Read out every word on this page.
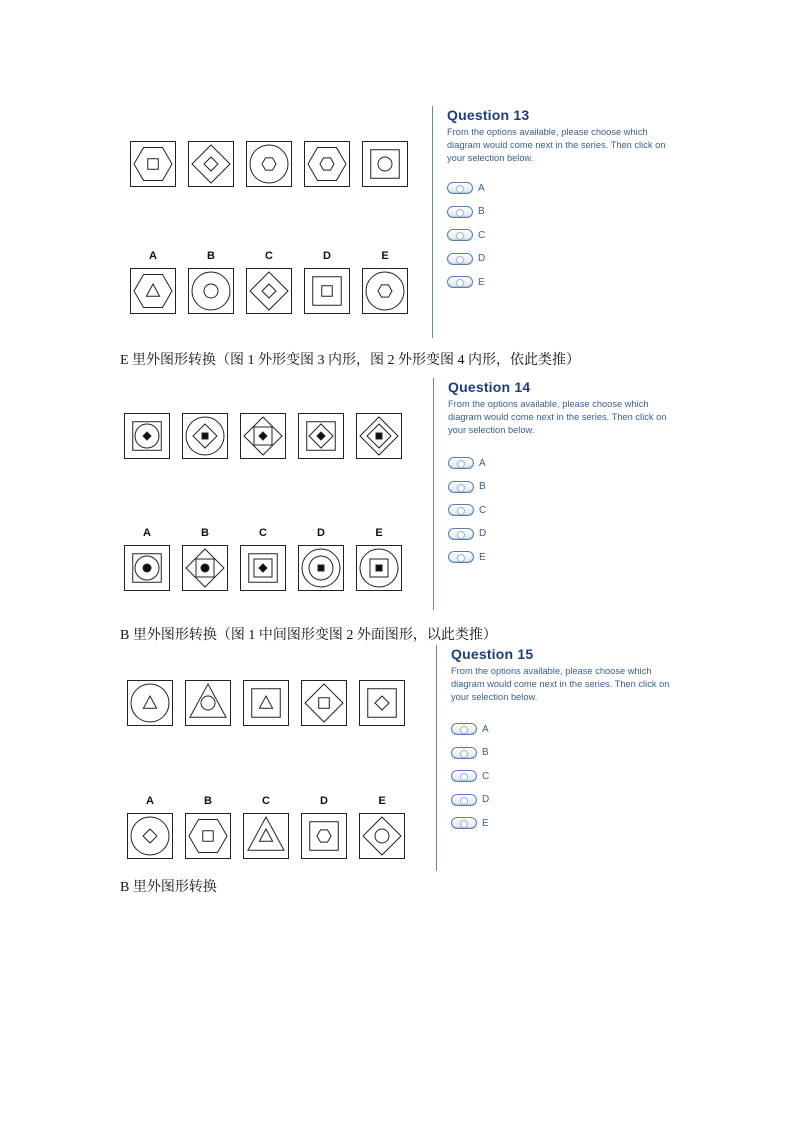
A	B	C	D	E
Question 13
From the options available, please choose which diagram would come next in the series. Then click on your selection below.
A
B
C
D
E
E 里外图形转换（图 1 外形变图 3 内形，图 2 外形变图 4 内形，依此类推）
A	B	C	D	E
Question 14
From the options available, please choose which diagram would come next in the series. Then click on your selection below.
A
B
C
D
E
B 里外图形转换（图 1 中间图形变图 2 外面图形，以此类推）
A	B	C	D	E
Question 15
From the options available, please choose which diagram would come next in the series. Then click on your selection below.
A
B
C
D
E
B 里外图形转换
